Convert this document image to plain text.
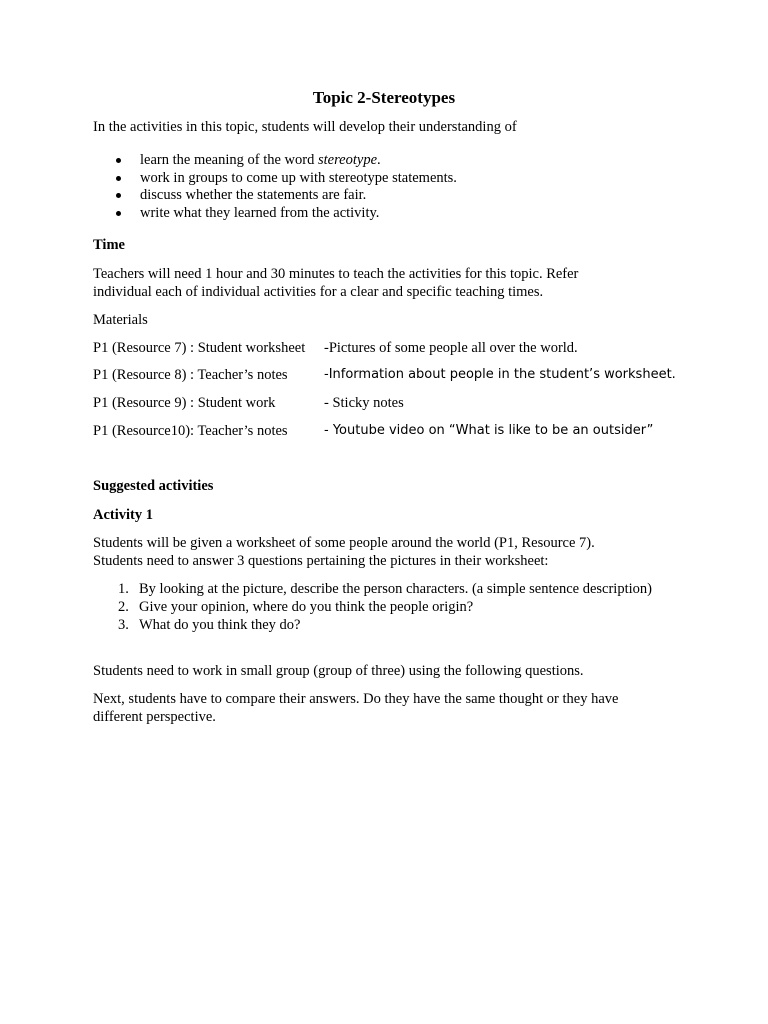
Topic 2-Stereotypes
In the activities in this topic, students will develop their understanding of
learn the meaning of the word stereotype.
work in groups to come up with stereotype statements.
discuss whether the statements are fair.
write what they learned from the activity.
Time
Teachers will need 1 hour and 30 minutes to teach the activities for this topic. Refer
individual each of individual activities for a clear and specific teaching times.
Materials
P1 (Resource 7) : Student worksheet -Pictures of some people all over the world.
P1 (Resource 8) : Teacher’s notes	-Information about people in the student’s worksheet.
P1 (Resource 9) : Student work	- Sticky notes
P1 (Resource10): Teacher’s notes	- Youtube video on “What is like to be an outsider”
Suggested activities
Activity 1
Students will be given a worksheet of some people around the world (P1, Resource 7).
Students need to answer 3 questions pertaining the pictures in their worksheet:
1. By looking at the picture, describe the person characters. (a simple sentence description)
2. Give your opinion, where do you think the people origin?
3. What do you think they do?
Students need to work in small group (group of three) using the following questions.
Next, students have to compare their answers. Do they have the same thought or they have
different perspective.
